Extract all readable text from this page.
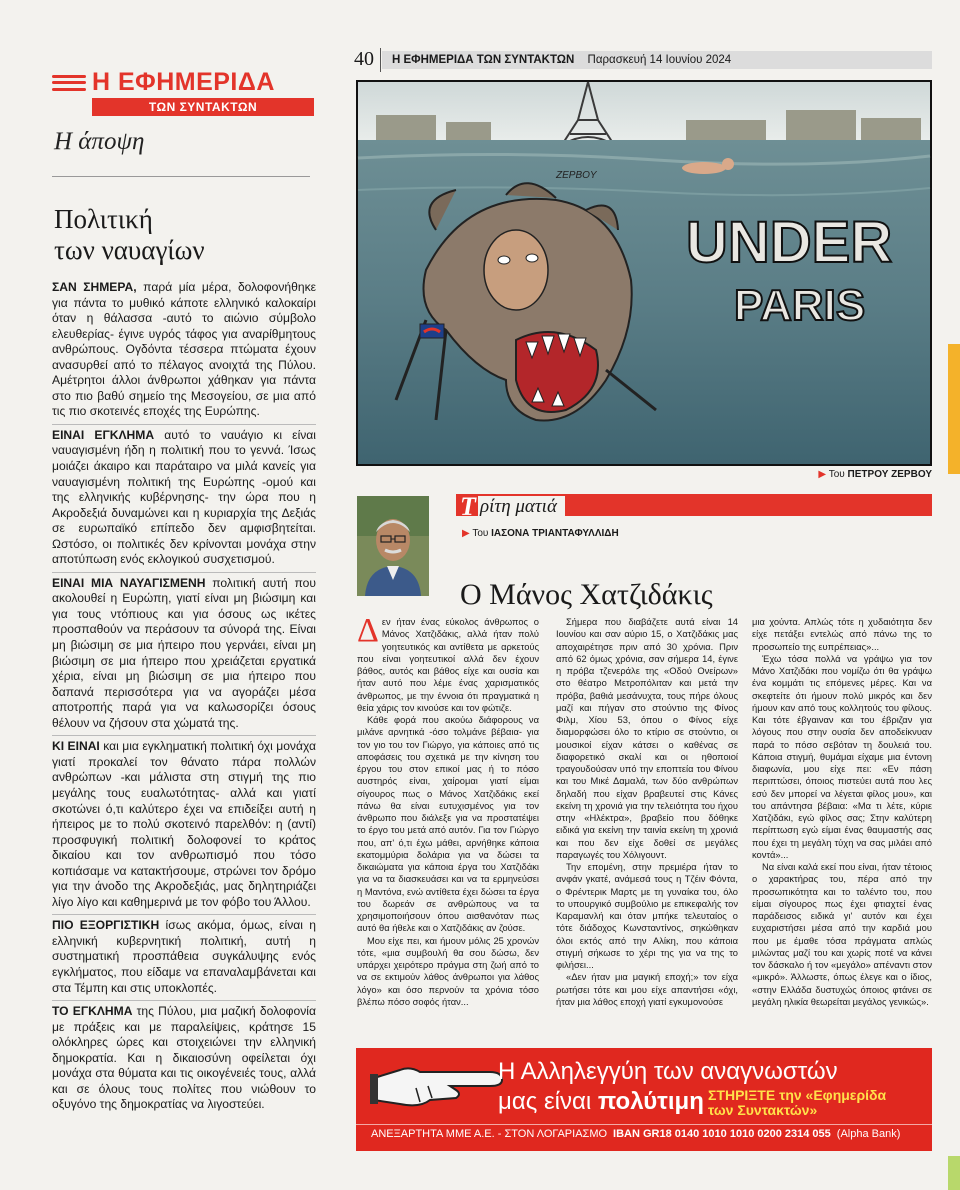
Η ΕΦΗΜΕΡΙΔΑ
ΤΩΝ ΣΥΝΤΑΚΤΩΝ
Η άποψη
Πολιτική
των ναυαγίων

ΣΑΝ ΣΗΜΕΡΑ, παρά μία μέρα, δολοφονήθηκε για πάντα το μυθικό κάποτε ελληνικό καλοκαίρι όταν η θάλασσα -αυτό το αιώνιο σύμβολο ελευθερίας- έγινε υγρός τάφος για αναρίθμητους ανθρώπους. Ογδόντα τέσσερα πτώματα έχουν ανασυρθεί από το πέλαγος ανοιχτά της Πύλου. Αμέτρητοι άλλοι άνθρωποι χάθηκαν για πάντα στο πιο βαθύ σημείο της Μεσογείου, σε μια από τις πιο σκοτεινές εποχές της Ευρώπης.

ΕΙΝΑΙ ΕΓΚΛΗΜΑ αυτό το ναυάγιο κι είναι ναυαγισμένη ήδη η πολιτική που το γεννά. Ίσως μοιάζει άκαιρο και παράταιρο να μιλά κανείς για ναυαγισμένη πολιτική της Ευρώπης -ομού και της ελληνικής κυβέρνησης- την ώρα που η Ακροδεξιά δυναμώνει και η κυριαρχία της Δεξιάς σε ευρωπαϊκό επίπεδο δεν αμφισβητείται. Ωστόσο, οι πολιτικές δεν κρίνονται μονάχα στην αποτύπωση ενός εκλογικού συσχετισμού.

ΕΙΝΑΙ ΜΙΑ ΝΑΥΑΓΙΣΜΕΝΗ πολιτική αυτή που ακολουθεί η Ευρώπη, γιατί είναι μη βιώσιμη και για τους ντόπιους και για όσους ως ικέτες προσπαθούν να περάσουν τα σύνορά της. Είναι μη βιώσιμη σε μια ήπειρο που γερνάει, είναι μη βιώσιμη σε μια ήπειρο που χρειάζεται εργατικά χέρια, είναι μη βιώσιμη σε μια ήπειρο που δαπανά περισσότερα για να αγοράζει μέσα αποτροπής παρά για να καλωσορίζει όσους θέλουν να ζήσουν στα χώματά της.

ΚΙ ΕΙΝΑΙ και μια εγκληματική πολιτική όχι μονάχα γιατί προκαλεί τον θάνατο πάρα πολλών ανθρώπων -και μάλιστα στη στιγμή της πιο μεγάλης τους ευαλωτότητας- αλλά και γιατί σκοτώνει ό,τι καλύτερο έχει να επιδείξει αυτή η ήπειρος με το πολύ σκοτεινό παρελθόν: η (αντί) προσφυγική πολιτική δολοφονεί το κράτος δικαίου και τον ανθρωπισμό που τόσο κοπιάσαμε να κατακτήσουμε, στρώνει τον δρόμο για την άνοδο της Ακροδεξιάς, μας δηλητηριάζει λίγο λίγο και καθημερινά με τον φόβο του Άλλου.

ΠΙΟ ΕΞΟΡΓΙΣΤΙΚΗ ίσως ακόμα, όμως, είναι η ελληνική κυβερνητική πολιτική, αυτή η συστηματική προσπάθεια συγκάλυψης ενός εγκλήματος, που είδαμε να επαναλαμβάνεται και στα Τέμπη και στις υποκλοπές.

ΤΟ ΕΓΚΛΗΜΑ της Πύλου, μια μαζική δολοφονία με πράξεις και με παραλείψεις, κράτησε 15 ολόκληρες ώρες και στοιχειώνει την ελληνική δημοκρατία. Και η δικαιοσύνη οφείλεται όχι μονάχα στα θύματα και τις οικογένειές τους, αλλά και σε όλους τους πολίτες που νιώθουν το οξυγόνο της δημοκρατίας να λιγοστεύει.

40	Η ΕΦΗΜΕΡΙΔΑ ΤΩΝ ΣΥΝΤΑΚΤΩΝ Παρασκευή 14 Ιουνίου 2024
ZEPBOY
UNDER
PARIS
▶ Του ΠΕΤΡΟΥ ΖΕΡΒΟΥ
Τ ρίτη ματιά
▶ Του ΙΑΣΟΝΑ ΤΡΙΑΝΤΑΦΥΛΛΙΔΗ
Ο Μάνος Χατζιδάκις

Δεν ήταν ένας εύκολος άνθρωπος ο Μάνος Χατζιδάκις, αλλά ήταν πολύ γοητευτικός και αντίθετα με αρκετούς που είναι γοητευτικοί αλλά δεν έχουν βάθος, αυτός και βάθος είχε και ουσία και ήταν αυτό που λέμε ένας χαρισματικός άνθρωπος, με την έννοια ότι πραγματικά η θεία χάρις τον κινούσε και τον φώτιζε.

Κάθε φορά που ακούω διάφορους να μιλάνε αρνητικά -όσο τολμάνε βέβαια- για τον γιο του τον Γιώργο, για κάποιες από τις αποφάσεις του σχετικά με την κίνηση του έργου του στον επικοί μας ή το πόσο αυστηρός είναι, χαίρομαι γιατί είμαι σίγουρος πως ο Μάνος Χατζιδάκις εκεί πάνω θα είναι ευτυχισμένος για τον άνθρωπο που διάλεξε για να προστατέψει το έργο του μετά από αυτόν. Για τον Γιώργο που, απ' ό,τι έχω μάθει, αρνήθηκε κάποια εκατομμύρια δολάρια για να δώσει τα δικαιώματα για κάποια έργα του Χατζιδάκι για να τα διασκευάσει και να τα ερμηνεύσει η Μαντόνα, ενώ αντίθετα έχει δώσει τα έργα του δωρεάν σε ανθρώπους να τα χρησιμοποιήσουν όπου αισθανόταν πως αυτό θα ήθελε και ο Χατζιδάκις αν ζούσε.

Μου είχε πει, και ήμουν μόλις 25 χρονών τότε, «μια συμβουλή θα σου δώσω, δεν υπάρχει χειρότερο πράγμα στη ζωή από το να σε εκτιμούν λάθος άνθρωποι για λάθος λόγο» και όσο περνούν τα χρόνια τόσο βλέπω πόσο σοφός ήταν...

Σήμερα που διαβάζετε αυτά είναι 14 Ιουνίου και σαν αύριο 15, ο Χατζιδάκις μας αποχαιρέτησε πριν από 30 χρόνια. Πριν από 62 όμως χρόνια, σαν σήμερα 14, έγινε η πρόβα τζενεράλε της «Οδού Ονείρων» στο θέατρο Μετροπόλιταν και μετά την πρόβα, βαθιά μεσάνυχτα, τους πήρε όλους μαζί και πήγαν στο στούντιο της Φίνος Φιλμ, Χίου 53, όπου ο Φίνος είχε διαμορφώσει όλο το κτίριο σε στούντιο, οι μουσικοί είχαν κάτσει ο καθένας σε διαφορετικό σκαλί και οι ηθοποιοί τραγουδούσαν υπό την εποπτεία του Φίνου και του Μικέ Δαμαλά, των δύο ανθρώπων δηλαδή που είχαν βραβευτεί στις Κάνες εκείνη τη χρονιά για την τελειότητα του ήχου στην «Ηλέκτρα», βραβείο που δόθηκε ειδικά για εκείνη την ταινία εκείνη τη χρονιά και που δεν είχε δοθεί σε μεγάλες παραγωγές του Χόλιγουντ.

Την επομένη, στην πρεμιέρα ήταν το ανφάν γκατέ, ανάμεσά τους η Τζέιν Φόντα, ο Φρέντερικ Μαρτς με τη γυναίκα του, όλο το υπουργικό συμβούλιο με επικεφαλής τον Καραμανλή και όταν μπήκε τελευταίος ο τότε διάδοχος Κωνσταντίνος, σηκώθηκαν όλοι εκτός από την Αλίκη, που κάποια στιγμή σήκωσε το χέρι της για να της το φιλήσει...

«Δεν ήταν μια μαγική εποχή;» τον είχα ρωτήσει τότε και μου είχε απαντήσει «όχι, ήταν μια λάθος εποχή γιατί εγκυμονούσε

μια χούντα. Απλώς τότε η χυδαιότητα δεν είχε πετάξει εντελώς από πάνω της το προσωπείο της ευπρέπειας»...

Έχω τόσα πολλά να γράψω για τον Μάνο Χατζιδάκι που νομίζω ότι θα γράψω ένα κομμάτι τις επόμενες μέρες. Και να σκεφτείτε ότι ήμουν πολύ μικρός και δεν ήμουν καν από τους κολλητούς του φίλους. Και τότε έβγαιναν και του έβριζαν για λόγους που στην ουσία δεν αποδείκνυαν παρά το πόσο σεβόταν τη δουλειά του. Κάποια στιγμή, θυμάμαι είχαμε μια έντονη διαφωνία, μου είχε πει: «Εν πάση περιπτώσει, όποιος πιστεύει αυτά που λες εσύ δεν μπορεί να λέγεται φίλος μου», και του απάντησα βέβαια: «Μα τι λέτε, κύριε Χατζιδάκι, εγώ φίλος σας; Στην καλύτερη περίπτωση εγώ είμαι ένας θαυμαστής σας που έχει τη μεγάλη τύχη να σας μιλάει από κοντά»...

Να είναι καλά εκεί που είναι, ήταν τέτοιος ο χαρακτήρας του, πέρα από την προσωπικότητα και το ταλέντο του, που είμαι σίγουρος πως έχει φτιαχτεί ένας παράδεισος ειδικά γι' αυτόν και έχει ευχαριστήσει μέσα από την καρδιά μου που με έμαθε τόσα πράγματα απλώς μιλώντας μαζί του και χωρίς ποτέ να κάνει τον δάσκαλο ή τον «μεγάλο» απέναντι στον «μικρό». Άλλωστε, όπως έλεγε και ο ίδιος, «στην Ελλάδα δυστυχώς όποιος φτάνει σε μεγάλη ηλικία θεωρείται μεγάλος γενικώς».

Η Αλληλεγγύη των αναγνωστών
μας είναι πολύτιμη ΣΤΗΡΙΞΤΕ την «Εφημερίδα
των Συντακτών»
ΑΝΕΞΑΡΤΗΤΑ ΜΜΕ Α.Ε. - ΣΤΟΝ ΛΟΓΑΡΙΑΣΜΟ IBAN GR18 0140 1010 1010 0200 2314 055 (Alpha Bank)
